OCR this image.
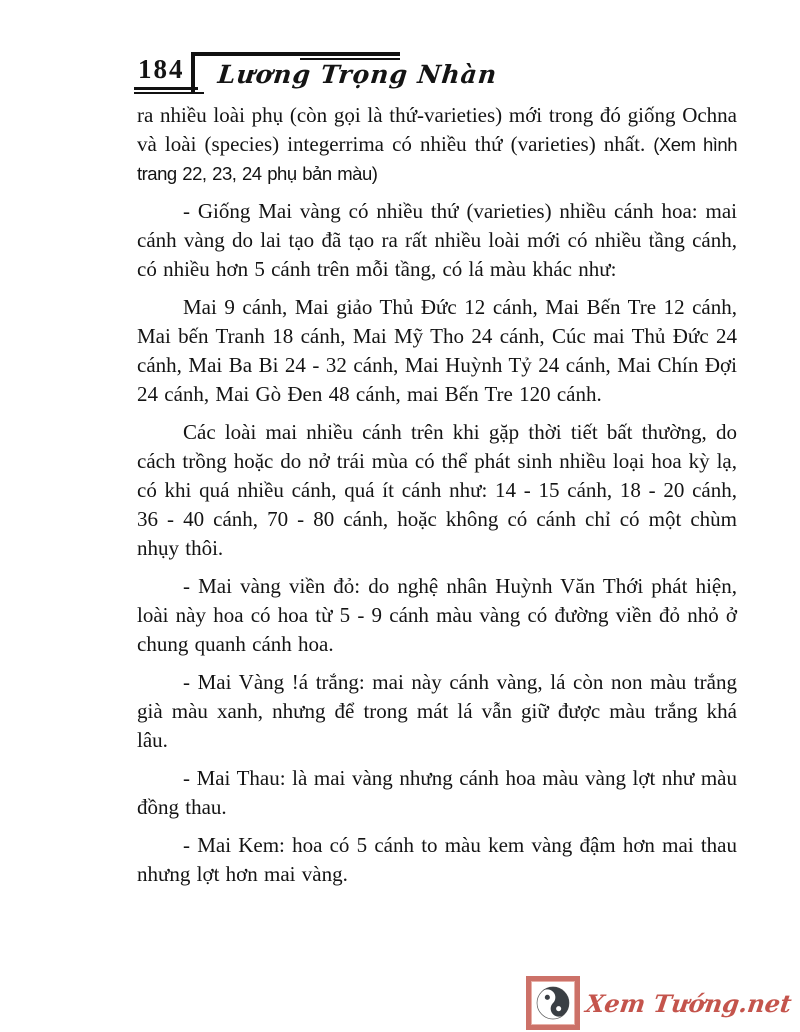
184 Lương Trọng Nhàn

ra nhiều loài phụ (còn gọi là thứ-varieties) mới trong đó giống Ochna và loài (species) integerrima có nhiều thứ (varieties) nhất. (Xem hình trang 22, 23, 24 phụ bản màu)

- Giống Mai vàng có nhiều thứ (varieties) nhiều cánh hoa: mai cánh vàng do lai tạo đã tạo ra rất nhiều loài mới có nhiều tầng cánh, có nhiều hơn 5 cánh trên mỗi tầng, có lá màu khác như:

Mai 9 cánh, Mai giảo Thủ Đức 12 cánh, Mai Bến Tre 12 cánh, Mai bến Tranh 18 cánh, Mai Mỹ Tho 24 cánh, Cúc mai Thủ Đức 24 cánh, Mai Ba Bi 24 - 32 cánh, Mai Huỳnh Tỷ 24 cánh, Mai Chín Đợi 24 cánh, Mai Gò Đen 48 cánh, mai Bến Tre 120 cánh.

Các loài mai nhiều cánh trên khi gặp thời tiết bất thường, do cách trồng hoặc do nở trái mùa có thể phát sinh nhiều loại hoa kỳ lạ, có khi quá nhiều cánh, quá ít cánh như: 14 - 15 cánh, 18 - 20 cánh, 36 - 40 cánh, 70 - 80 cánh, hoặc không có cánh chỉ có một chùm nhụy thôi.

- Mai vàng viền đỏ: do nghệ nhân Huỳnh Văn Thới phát hiện, loài này hoa có hoa từ 5 - 9 cánh màu vàng có đường viền đỏ nhỏ ở chung quanh cánh hoa.

- Mai Vàng !á trắng: mai này cánh vàng, lá còn non màu trắng già màu xanh, nhưng để trong mát lá vẫn giữ được màu trắng khá lâu.

- Mai Thau: là mai vàng nhưng cánh hoa màu vàng lợt như màu đồng thau.

- Mai Kem: hoa có 5 cánh to màu kem vàng đậm hơn mai thau nhưng lợt hơn mai vàng.

Xem Tướng.net
